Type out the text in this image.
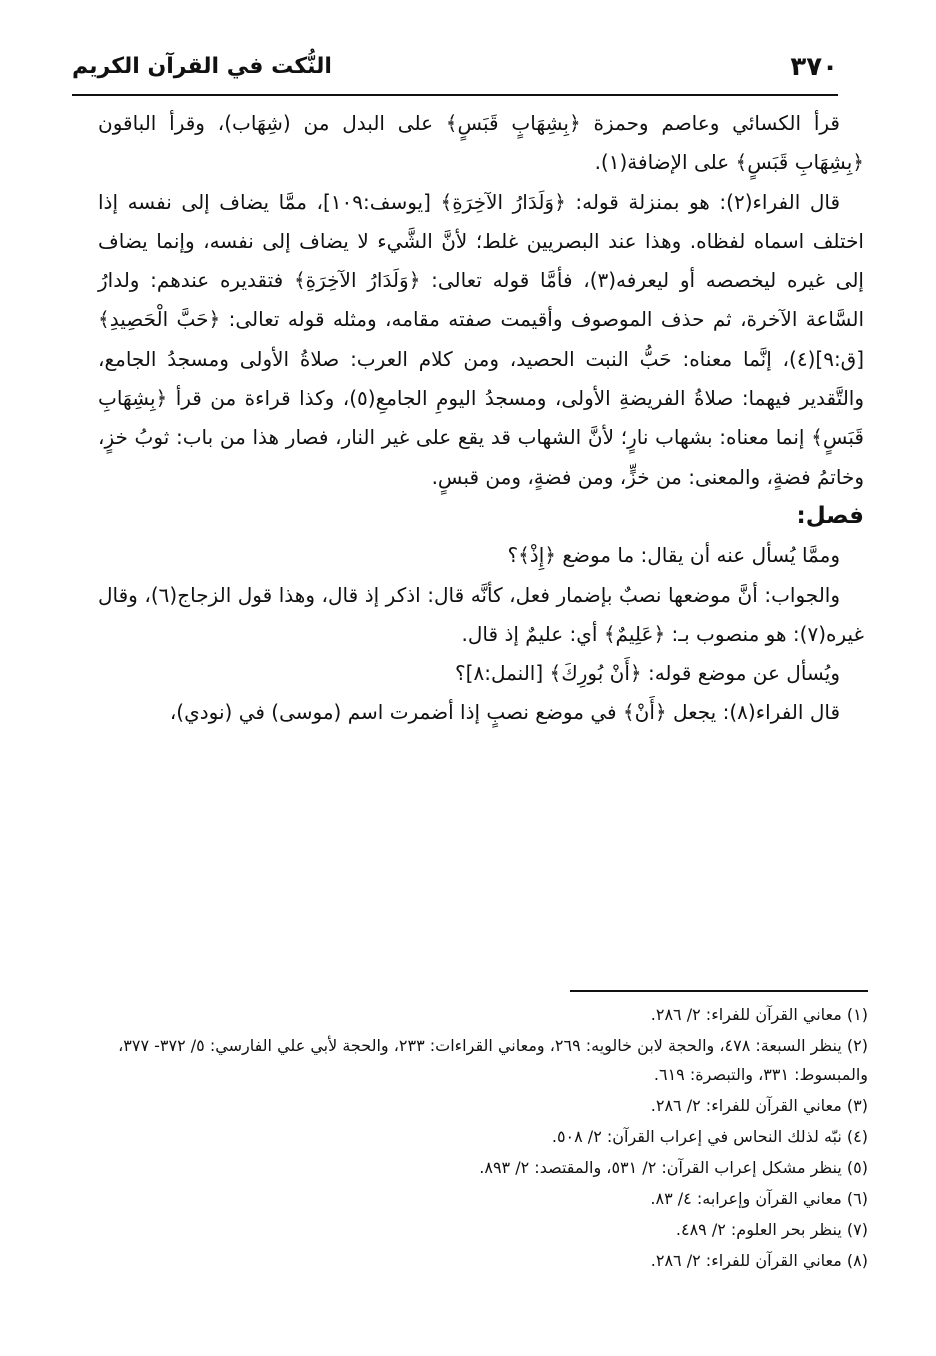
٣٧٠
النُّكت في القرآن الكريم

قرأ الكسائي وعاصم وحمزة ﴿بِشِهَابٍ قَبَسٍ﴾ على البدل من (شِهَاب)، وقرأ الباقون ﴿بِشِهَابِ قَبَسٍ﴾ على الإضافة(١).

قال الفراء(٢): هو بمنزلة قوله: ﴿وَلَدَارُ الآخِرَةِ﴾ [يوسف:١٠٩]، ممَّا يضاف إلى نفسه إذا اختلف اسماه لفظاه. وهذا عند البصريين غلط؛ لأنَّ الشَّيء لا يضاف إلى نفسه، وإنما يضاف إلى غيره ليخصصه أو ليعرفه(٣)، فأمَّا قوله تعالى: ﴿وَلَدَارُ الآخِرَةِ﴾ فتقديره عندهم: ولدارُ السَّاعة الآخرة، ثم حذف الموصوف وأقيمت صفته مقامه، ومثله قوله تعالى: ﴿حَبَّ الْحَصِيدِ﴾ [ق:٩](٤)، إنَّما معناه: حَبُّ النبت الحصيد، ومن كلام العرب: صلاةُ الأولى ومسجدُ الجامع، والتَّقدير فيهما: صلاةُ الفريضةِ الأولى، ومسجدُ اليومِ الجامعِ(٥)، وكذا قراءة من قرأ ﴿بِشِهَابِ قَبَسٍ﴾ إنما معناه: بشهاب نارٍ؛ لأنَّ الشهاب قد يقع على غير النار، فصار هذا من باب: ثوبُ خزٍ، وخاتمُ فضةٍ، والمعنى: من خزٍّ، ومن فضةٍ، ومن قبسٍ.

فصل:

وممَّا يُسأل عنه أن يقال: ما موضع ﴿إِذْ﴾؟

والجواب: أنَّ موضعها نصبٌ بإضمار فعل، كأنَّه قال: اذكر إذ قال، وهذا قول الزجاج(٦)، وقال غيره(٧): هو منصوب بـ: ﴿عَلِيمٌ﴾ أي: عليمٌ إذ قال.

ويُسأل عن موضع قوله: ﴿أَنْ بُورِكَ﴾ [النمل:٨]؟

قال الفراء(٨): يجعل ﴿أَنْ﴾ في موضع نصبٍ إذا أضمرت اسم (موسى) في (نودي)،

(١) معاني القرآن للفراء: ٢/ ٢٨٦.

(٢) ينظر السبعة: ٤٧٨، والحجة لابن خالويه: ٢٦٩، ومعاني القراءات: ٢٣٣، والحجة لأبي علي الفارسي: ٥/ ٣٧٢- ٣٧٧، والمبسوط: ٣٣١، والتبصرة: ٦١٩.

(٣) معاني القرآن للفراء: ٢/ ٢٨٦.

(٤) نبّه لذلك النحاس في إعراب القرآن: ٢/ ٥٠٨.

(٥) ينظر مشكل إعراب القرآن: ٢/ ٥٣١، والمقتصد: ٢/ ٨٩٣.

(٦) معاني القرآن وإعرابه: ٤/ ٨٣.

(٧) ينظر بحر العلوم: ٢/ ٤٨٩.

(٨) معاني القرآن للفراء: ٢/ ٢٨٦.
